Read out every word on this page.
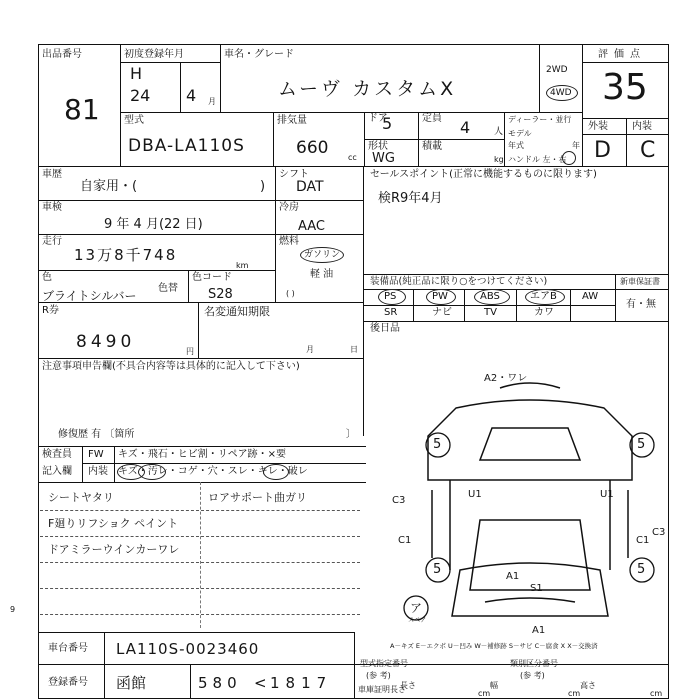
出品番号
81
初度登録年月
H
24 4 月
車名・グレード
ムーヴ カスタムX
2WD
4WD
評価点
35
外装 内装
D C
型式
DBA-LA110S
排気量
660 cc
ドア
5	定員 4	人
形状
WG
積載
kg
ディーラー・並行
モデル
年式	年
ハンドル 左・右
車歴
自家用・(	)
シフト
DAT
車検
9 年 4 月(22 日)
冷房
AAC
走行
13万8千748
km
燃料
ガソリン
軽 油
( )
色
ブライトシルバー
色替
色コード
S28
R券
8490	円
名変通知期限
月	日
注意事項申告欄(不具合内容等は具体的に記入して下さい)
修復歴 有 〔箇所	〕
検査員
記入欄
FW
内装
キズ・飛石・ヒビ割・リペア跡・×要
キズ・汚レ・コゲ・穴・スレ・キレ・破レ
シートヤタリ
F廻りリフショク ペイント
ドアミラーウインカーワレ
ロアサポート曲ガリ
セールスポイント(正常に機能するものに限ります)
検R9年4月
装備品(純正品に限り○をつけてください)	新車保証書
有・無
PS	PW	ABS	エアB	AW
SR	ナビ	TV	カワ
後日品
A2・ワレ
5	5
5	5
U1	U1
C3
C1	C1
C3
A1
S1
A1
ア
スペア
A－キズ E－エクボ U－凹み W－補修跡 S－サビ C－腐食 X X－交換済
車台番号 LA110S-0023460
登録番号 函館	580 < 1817
型式指定番号
(参 考)
類別区分番号
(参 考)
車庫証明長さ
長さ
cm
幅
cm
高さ
cm
9
